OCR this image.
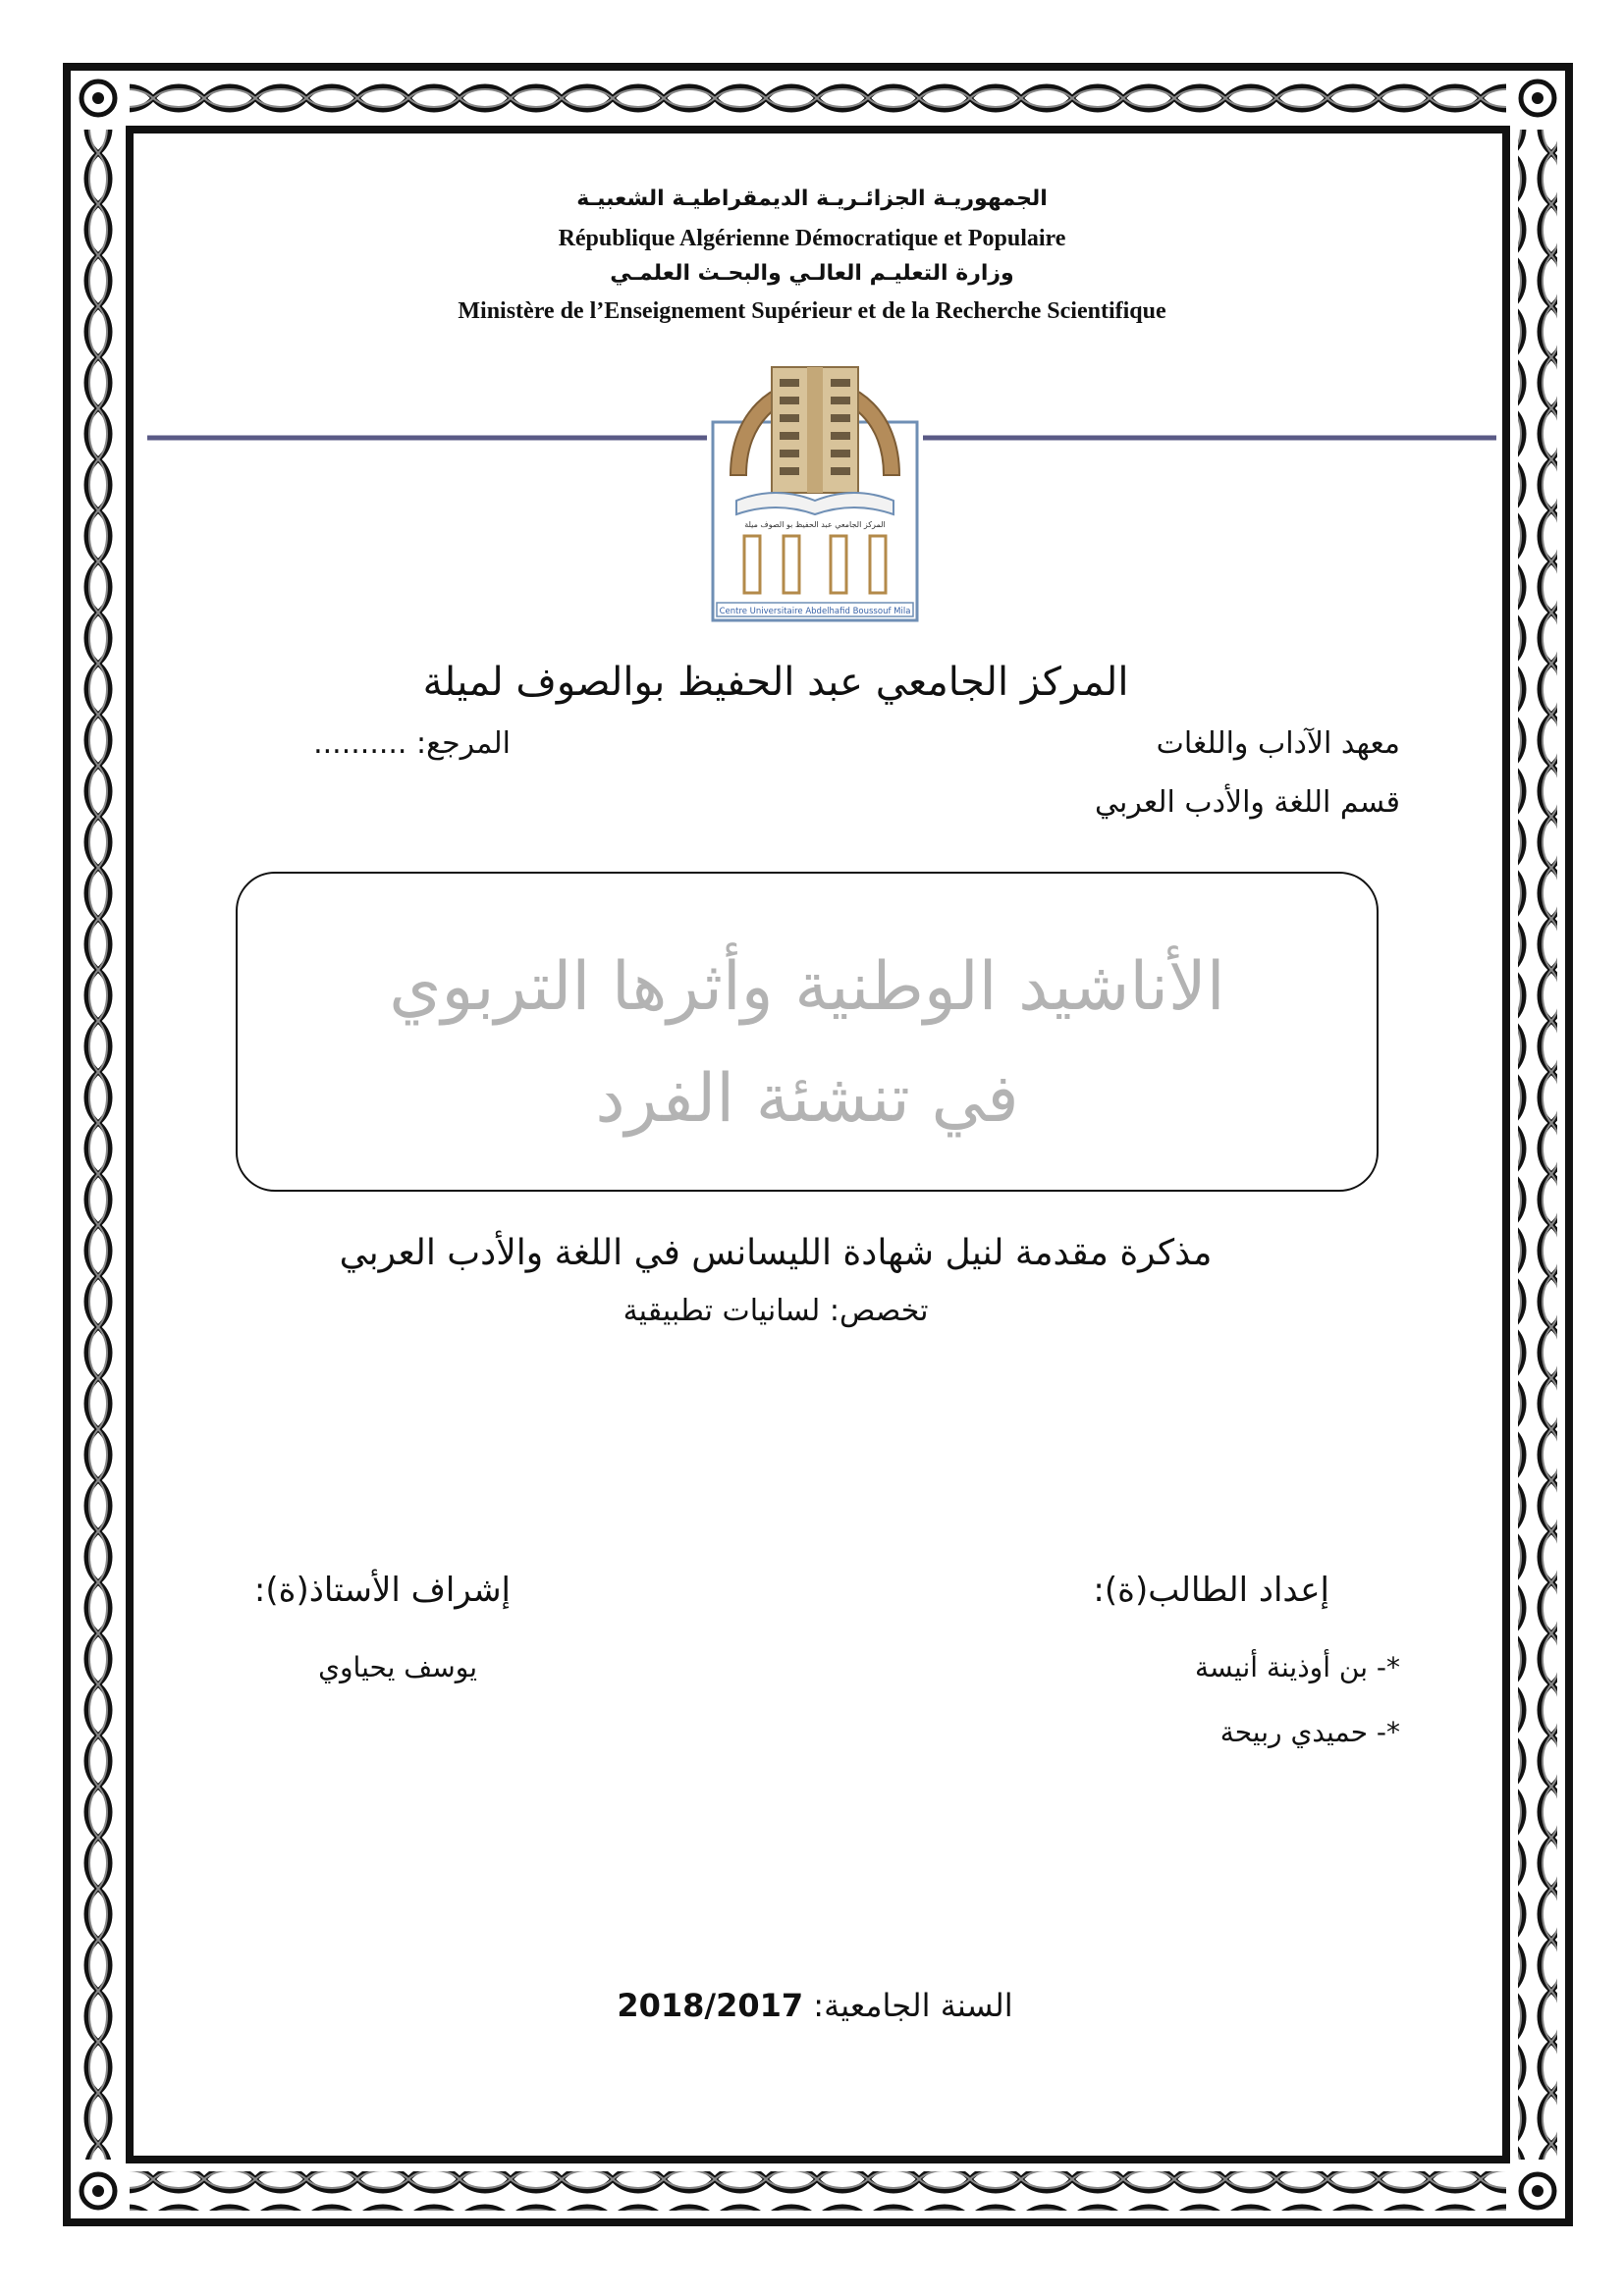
الجمهوريـة الجزائـريـة الديمقراطيـة الشعبيـة
République Algérienne Démocratique et Populaire
وزارة التعليـم العالـي والبحـث العلمـي
Ministère de l’Enseignement Supérieur et de la Recherche Scientifique
المركز الجامعي عبد الحفيظ بو الصوف ميلة
Centre Universitaire Abdelhafid Boussouf Mila
المركز الجامعي عبد الحفيظ بوالصوف لميلة
معهد الآداب واللغات
المرجع: ..........
قسم اللغة والأدب العربي
الأناشيد الوطنية وأثرها التربوي
في تنشئة الفرد
مذكرة مقدمة لنيل شهادة الليسانس في اللغة والأدب العربي
تخصص: لسانيات تطبيقية
إعداد الطالب(ة):
*- بن أوذينة أنيسة
*- حميدي ربيحة
إشراف الأستاذ(ة):
يوسف يحياوي
السنة الجامعية: 2018/2017
